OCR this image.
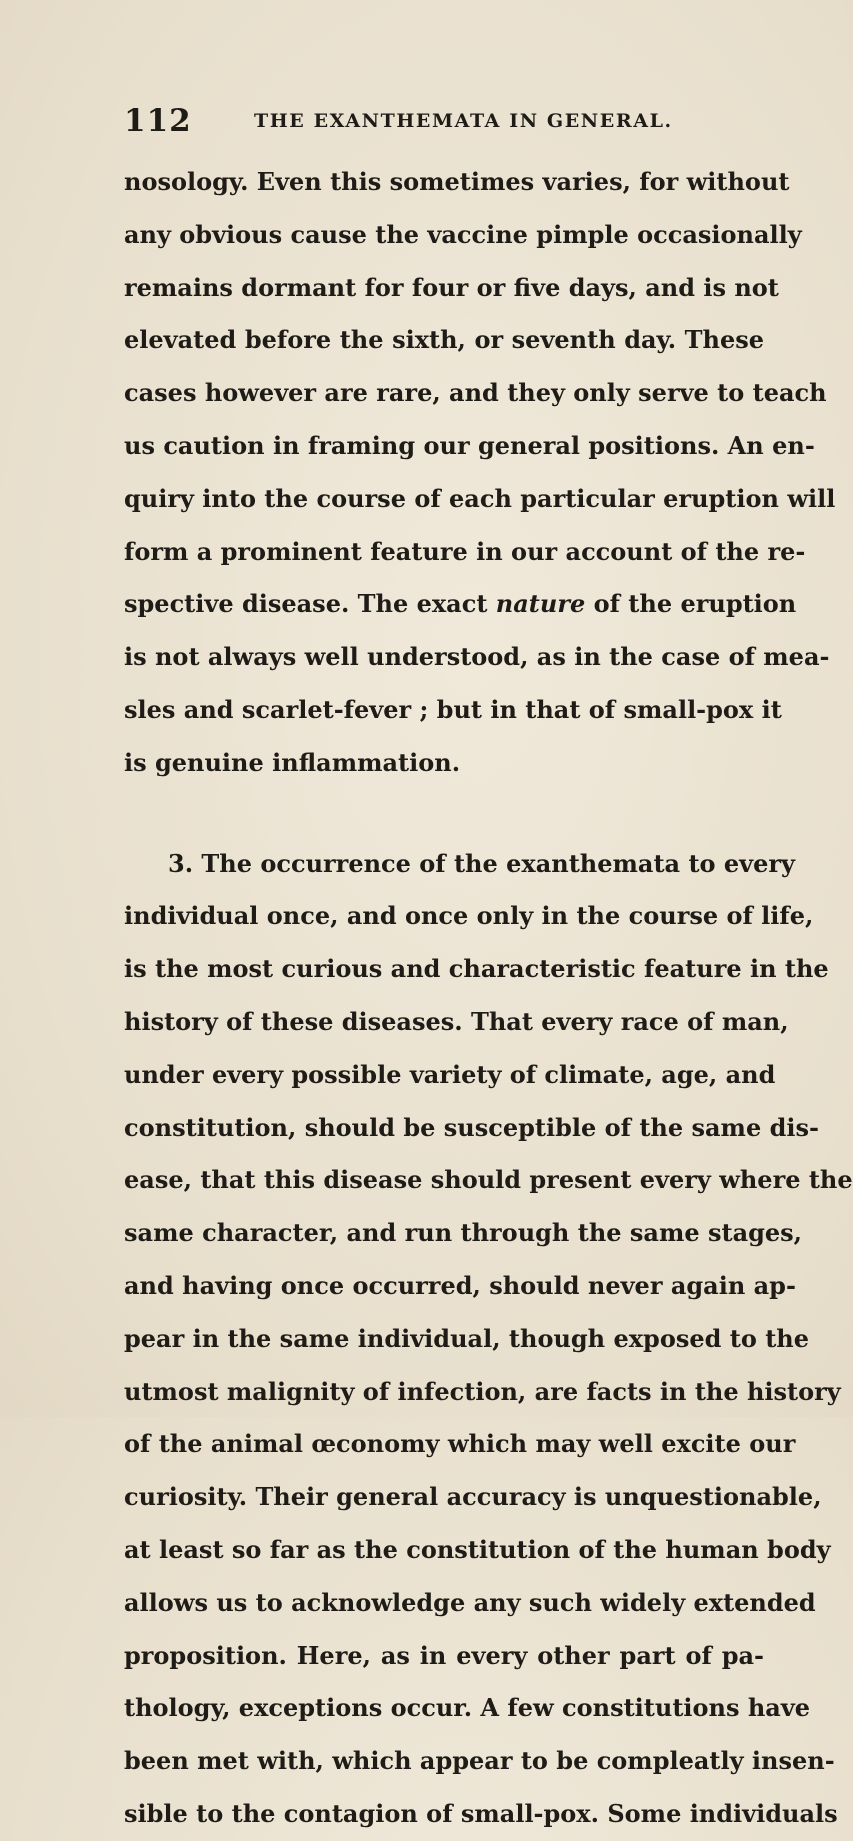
112	THE EXANTHEMATA IN GENERAL.
nosology. Even this sometimes varies, for without
any obvious cause the vaccine pimple occasionally
remains dormant for four or five days, and is not
elevated before the sixth, or seventh day. These
cases however are rare, and they only serve to teach
us caution in framing our general positions. An en-
quiry into the course of each particular eruption will
form a prominent feature in our account of the re-
spective disease. The exact nature of the eruption
is not always well understood, as in the case of mea-
sles and scarlet-fever ; but in that of small-pox it
is genuine inflammation.
3. The occurrence of the exanthemata to every
individual once, and once only in the course of life,
is the most curious and characteristic feature in the
history of these diseases. That every race of man,
under every possible variety of climate, age, and
constitution, should be susceptible of the same dis-
ease, that this disease should present every where the
same character, and run through the same stages,
and having once occurred, should never again ap-
pear in the same individual, though exposed to the
utmost malignity of infection, are facts in the history
of the animal œconomy which may well excite our
curiosity. Their general accuracy is unquestionable,
at least so far as the constitution of the human body
allows us to acknowledge any such widely extended
proposition. Here, as in every other part of pa-
thology, exceptions occur. A few constitutions have
been met with, which appear to be compleatly insen-
sible to the contagion of small-pox. Some individuals
